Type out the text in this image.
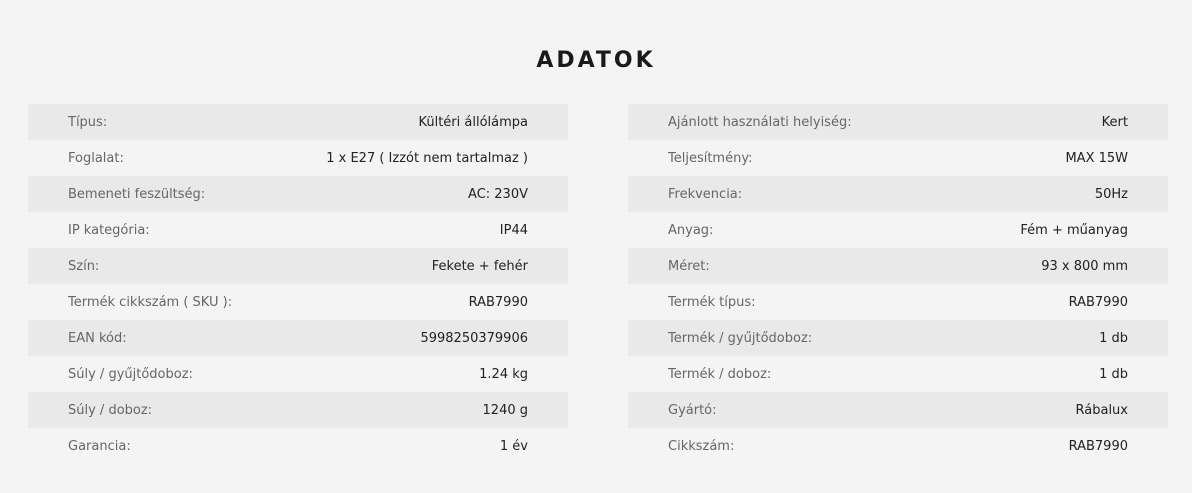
ADATOK
Típus:	Kültéri állólámpa
Foglalat:	1 x E27 ( Izzót nem tartalmaz )
Bemeneti feszültség:	AC: 230V
IP kategória:	IP44
Szín:	Fekete + fehér
Termék cikkszám ( SKU ):	RAB7990
EAN kód:	5998250379906
Súly / gyűjtődoboz:	1.24 kg
Súly / doboz:	1240 g
Garancia:	1 év
Ajánlott használati helyiség:	Kert
Teljesítmény:	MAX 15W
Frekvencia:	50Hz
Anyag:	Fém + műanyag
Méret:	93 x 800 mm
Termék típus:	RAB7990
Termék / gyűjtődoboz:	1 db
Termék / doboz:	1 db
Gyártó:	Rábalux
Cikkszám:	RAB7990
